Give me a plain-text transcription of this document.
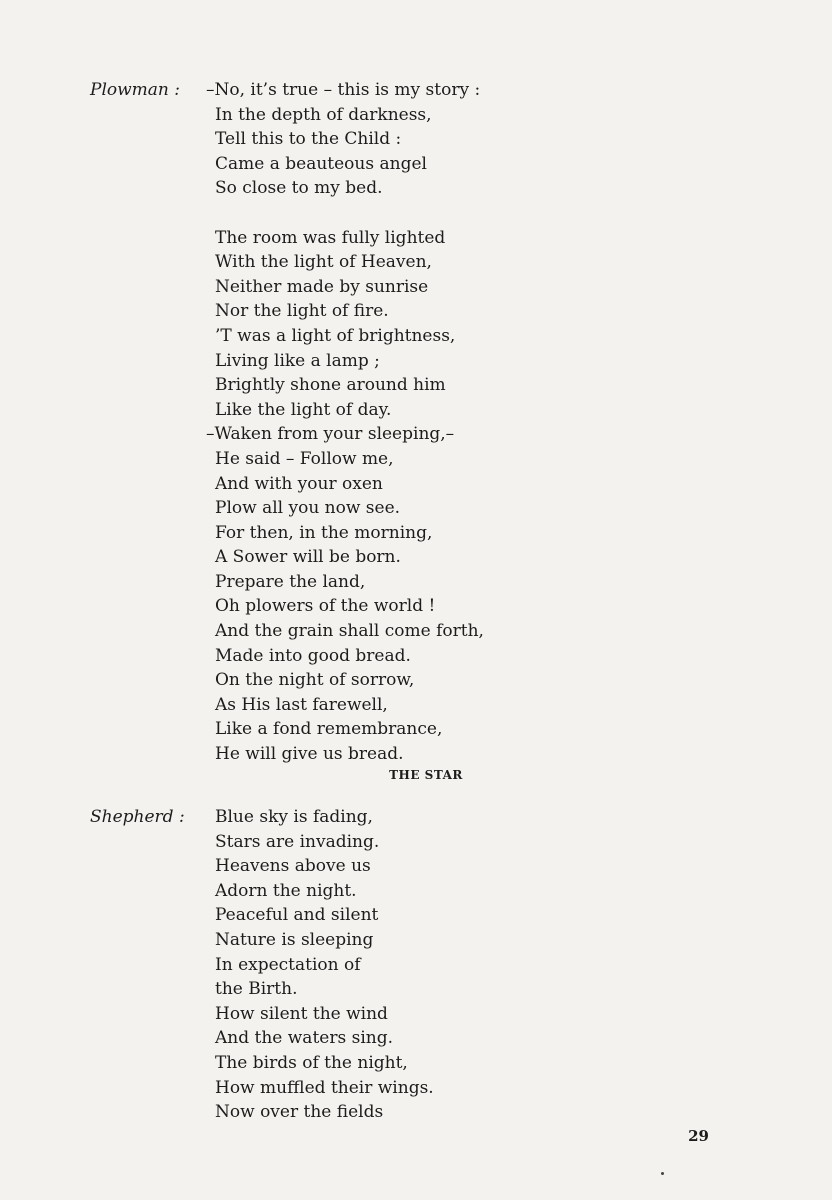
Plowman : –No, it’s true – this is my story :
In the depth of darkness,
Tell this to the Child :
Came a beauteous angel
So close to my bed.
The room was fully lighted
With the light of Heaven,
Neither made by sunrise
Nor the light of fire.
’T was a light of brightness,
Living like a lamp ;
Brightly shone around him
Like the light of day.
–Waken from your sleeping,–
He said – Follow me,
And with your oxen
Plow all you now see.
For then, in the morning,
A Sower will be born.
Prepare the land,
Oh plowers of the world !
And the grain shall come forth,
Made into good bread.
On the night of sorrow,
As His last farewell,
Like a fond remembrance,
He will give us bread.
THE STAR
Shepherd : Blue sky is fading,
Stars are invading.
Heavens above us
Adorn the night.
Peaceful and silent
Nature is sleeping
In expectation of
the Birth.
How silent the wind
And the waters sing.
The birds of the night,
How muffled their wings.
Now over the fields
29
